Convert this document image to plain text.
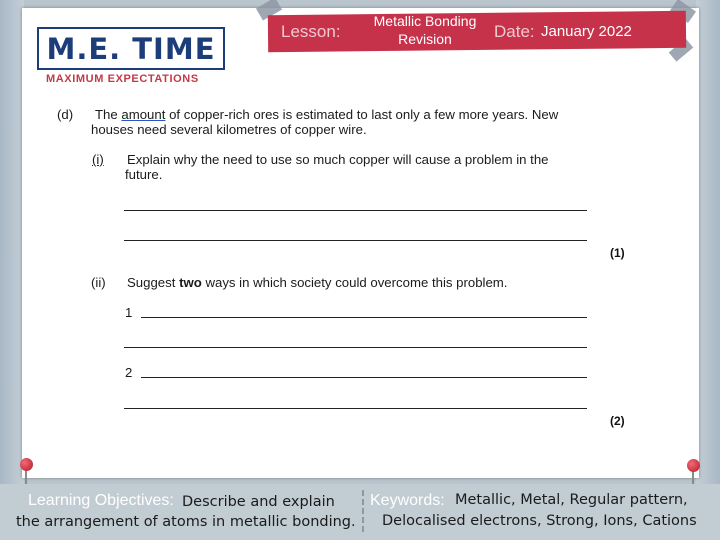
M.E. TIME
MAXIMUM EXPECTATIONS
Lesson:
Metallic Bonding
Revision	Date: January 2022
(d) The amount of copper-rich ores is estimated to last only a few more years. New
houses need several kilometres of copper wire.
(i) Explain why the need to use so much copper will cause a problem in the
future.
(1)
(ii) Suggest two ways in which society could overcome this problem.
1
2
(2)
Learning Objectives: Describe and explain
the arrangement of atoms in metallic bonding.
Keywords: Metallic, Metal, Regular pattern,
Delocalised electrons, Strong, Ions, Cations
